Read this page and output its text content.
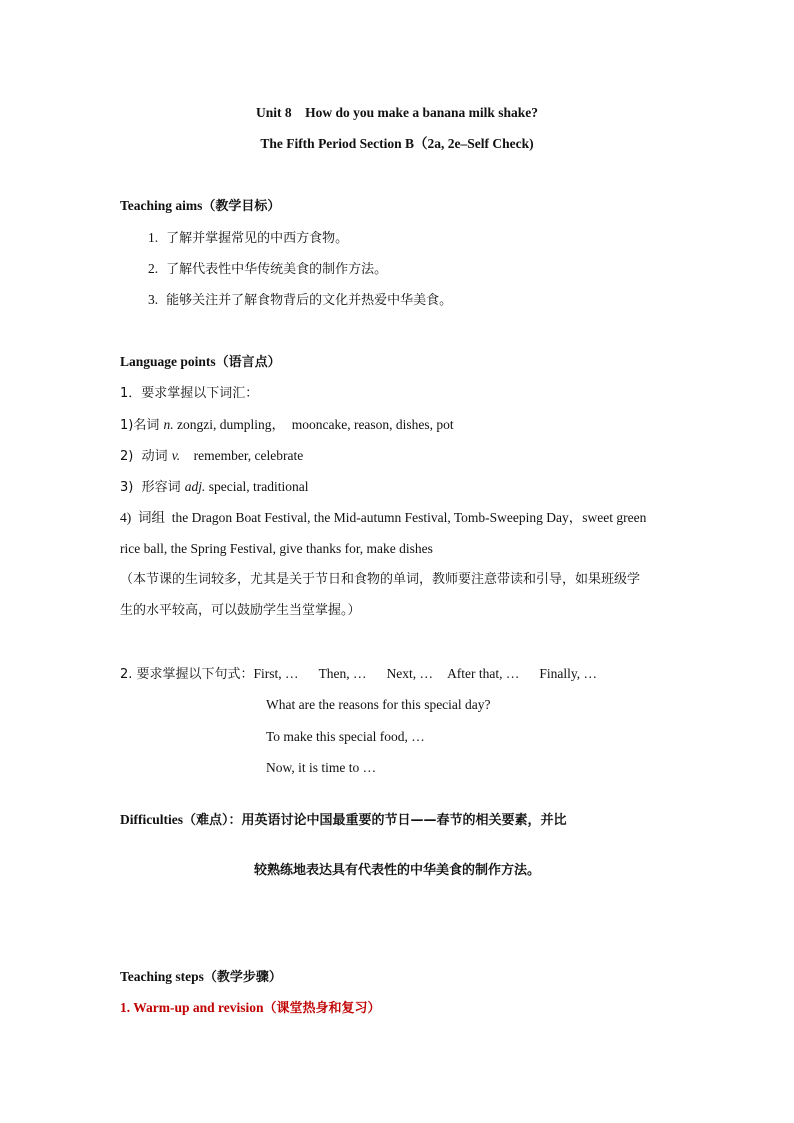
Unit 8    How do you make a banana milk shake?
The Fifth Period Section B（2a, 2e–Self Check)
Teaching aims（教学目标）
1. 了解并掌握常见的中西方食物。
2. 了解代表性中华传统美食的制作方法。
3. 能够关注并了解食物背后的文化并热爱中华美食。
Language points（语言点）
1．要求掌握以下词汇：
1)名词 n. zongzi, dumpling，  mooncake, reason, dishes, pot
2)  动词 v.    remember, celebrate
3)  形容词 adj. special, traditional
4)  词组  the Dragon Boat Festival, the Mid-autumn Festival, Tomb-Sweeping Day，sweet green
rice ball, the Spring Festival, give thanks for, make dishes
（本节课的生词较多，尤其是关于节日和食物的单词，教师要注意带读和引导，如果班级学
生的水平较高，可以鼓励学生当堂掌握。）
2. 要求掌握以下句式：First, … Then, … Next, … After that, … Finally, …
What are the reasons for this special day?
To make this special food, …
Now, it is time to …
Difficulties（难点）：用英语讨论中国最重要的节日——春节的相关要素，并比
较熟练地表达具有代表性的中华美食的制作方法。
Teaching steps（教学步骤）
1. Warm-up and revision（课堂热身和复习）
